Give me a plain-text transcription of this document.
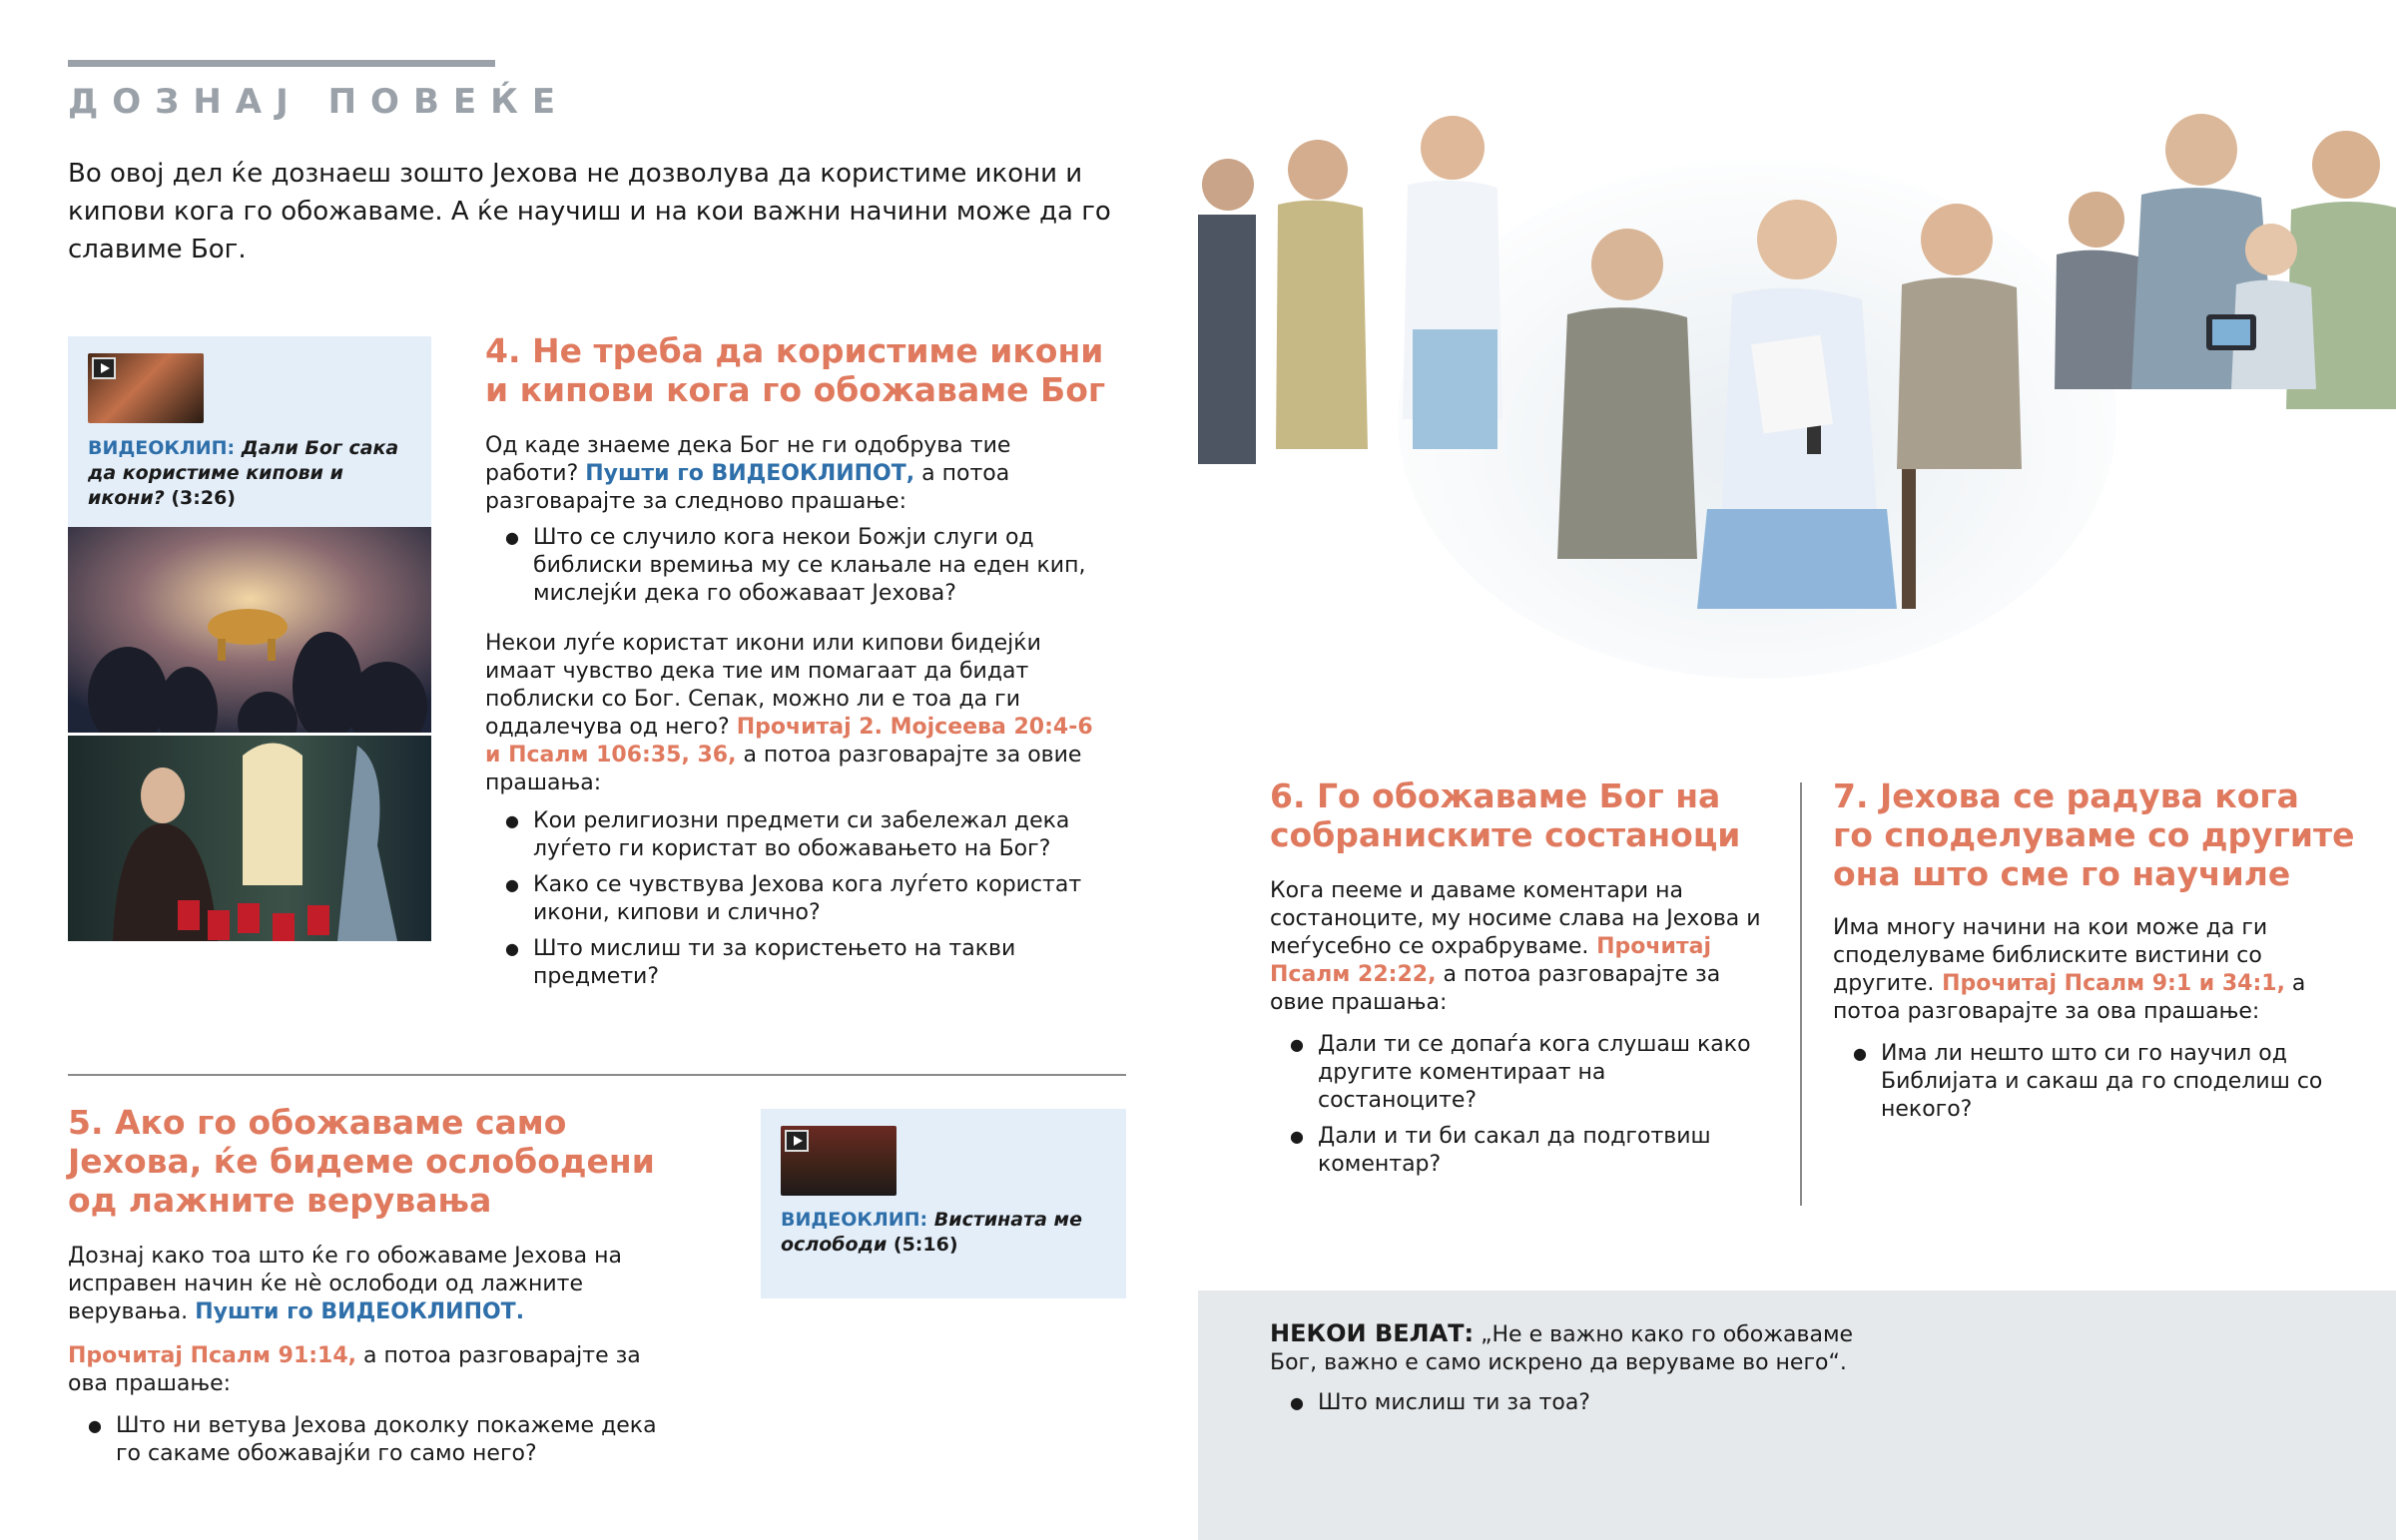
ДОЗНАЈ ПОВЕЌЕ
Во овој дел ќе дознаеш зошто Јехова не дозволува да користиме икони и кипови кога го обожаваме. А ќе научиш и на кои важни начини може да го славиме Бог.
ВИДЕОКЛИП: Дали Бог сака да користиме кипови и икони? (3:26)
4. Не треба да користиме икони
и кипови кога го обожаваме Бог

Од каде знаеме дека Бог не ги одобрува тие работи? Пушти го ВИДЕОКЛИПОТ, а потоа разговарајте за следново прашање:

● Што се случило кога некои Божји слуги од библиски времиња му се клањале на еден кип, мислејќи дека го обожаваат Јехова?

Некои луѓе користат икони или кипови бидејќи имаат чувство дека тие им помагаат да бидат поблиски со Бог. Сепак, можно ли е тоа да ги оддалечува од него? Прочитај 2. Мојсеева 20:4-6 и Псалм 106:35, 36, а потоа разговарајте за овие прашања:

● Кои религиозни предмети си забележал дека луѓето ги користат во обожавањето на Бог?
● Како се чувствува Јехова кога луѓето користат икони, кипови и слично?
● Што мислиш ти за користењето на такви предмети?
5. Ако го обожаваме само
Јехова, ќе бидеме ослободени
од лажните верувања

Дознај како тоа што ќе го обожаваме Јехова на исправен начин ќе нѐ ослободи од лажните верувања. Пушти го ВИДЕОКЛИПОТ.

Прочитај Псалм 91:14, а потоа разговарајте за ова прашање:

● Што ни ветува Јехова доколку покажеме дека го сакаме обожавајќи го само него?
ВИДЕОКЛИП: Вистината ме ослободи (5:16)
6. Го обожаваме Бог на
собраниските состаноци

Кога пееме и даваме коментари на состаноците, му носиме слава на Јехова и меѓусебно се охрабруваме. Прочитај Псалм 22:22, а потоа разговарајте за овие прашања:

● Дали ти се допаѓа кога слушаш како другите коментираат на состаноците?
● Дали и ти би сакал да подготвиш коментар?
7. Јехова се радува кога
го споделуваме со другите
она што сме го научиле

Има многу начини на кои може да ги споделуваме библиските вистини со другите. Прочитај Псалм 9:1 и 34:1, а потоа разговарајте за ова прашање:

● Има ли нешто што си го научил од Библијата и сакаш да го споделиш со некого?

НЕКОИ ВЕЛАТ: „Не е важно како го обожаваме Бог, важно е само искрено да веруваме во него“.

● Што мислиш ти за тоа?
